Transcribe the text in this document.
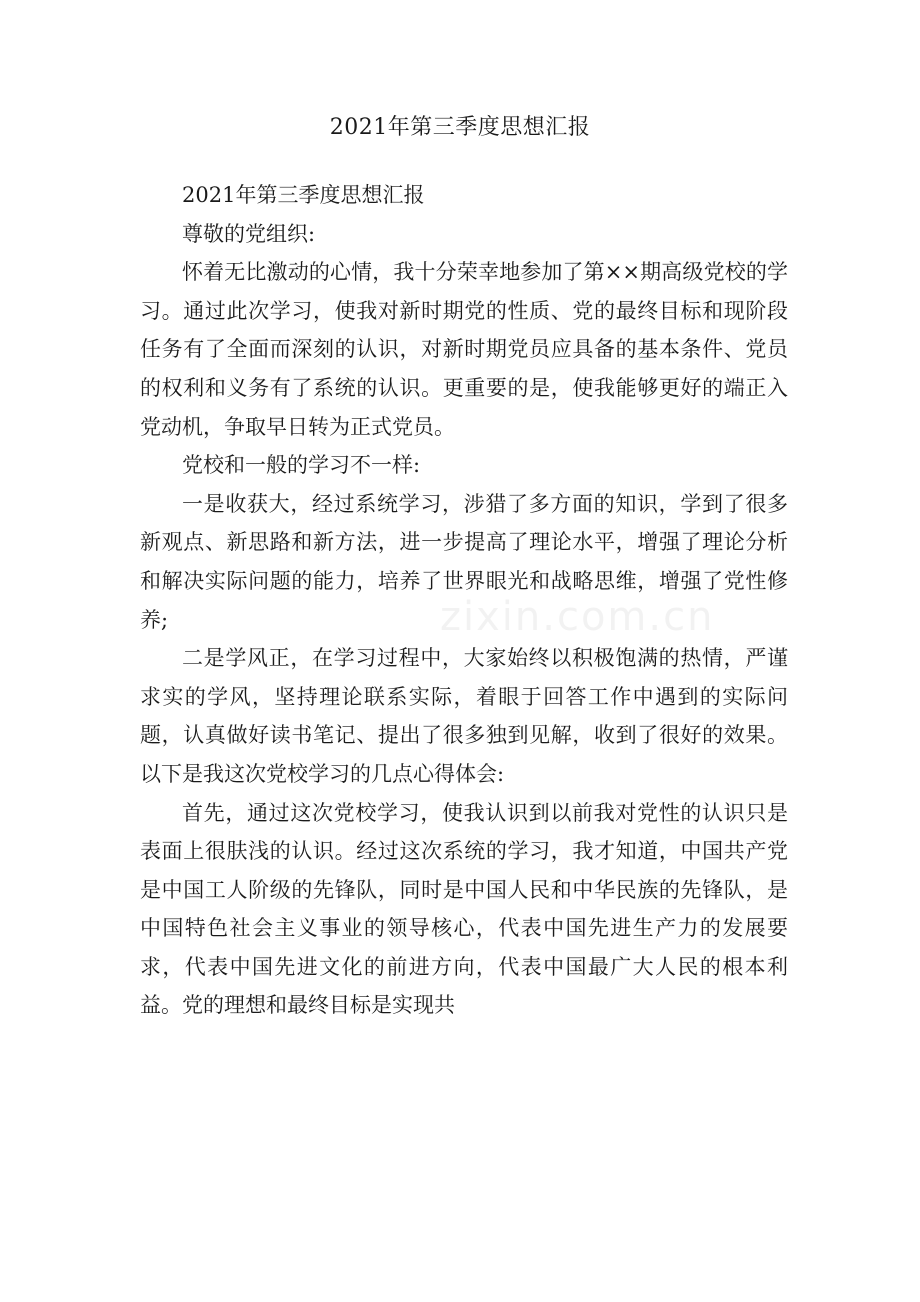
2021年第三季度思想汇报

2021年第三季度思想汇报

尊敬的党组织:

怀着无比激动的心情，我十分荣幸地参加了第××期高级党校的学习。通过此次学习，使我对新时期党的性质、党的最终目标和现阶段任务有了全面而深刻的认识，对新时期党员应具备的基本条件、党员的权利和义务有了系统的认识。更重要的是，使我能够更好的端正入党动机，争取早日转为正式党员。

党校和一般的学习不一样:

一是收获大，经过系统学习，涉猎了多方面的知识，学到了很多新观点、新思路和新方法，进一步提高了理论水平，增强了理论分析和解决实际问题的能力，培养了世界眼光和战略思维，增强了党性修养;

二是学风正，在学习过程中，大家始终以积极饱满的热情，严谨求实的学风，坚持理论联系实际，着眼于回答工作中遇到的实际问题，认真做好读书笔记、提出了很多独到见解，收到了很好的效果。以下是我这次党校学习的几点心得体会:

首先，通过这次党校学习，使我认识到以前我对党性的认识只是表面上很肤浅的认识。经过这次系统的学习，我才知道，中国共产党是中国工人阶级的先锋队，同时是中国人民和中华民族的先锋队，是中国特色社会主义事业的领导核心，代表中国先进生产力的发展要求，代表中国先进文化的前进方向，代表中国最广大人民的根本利益。党的理想和最终目标是实现共

zixin.com.cn
